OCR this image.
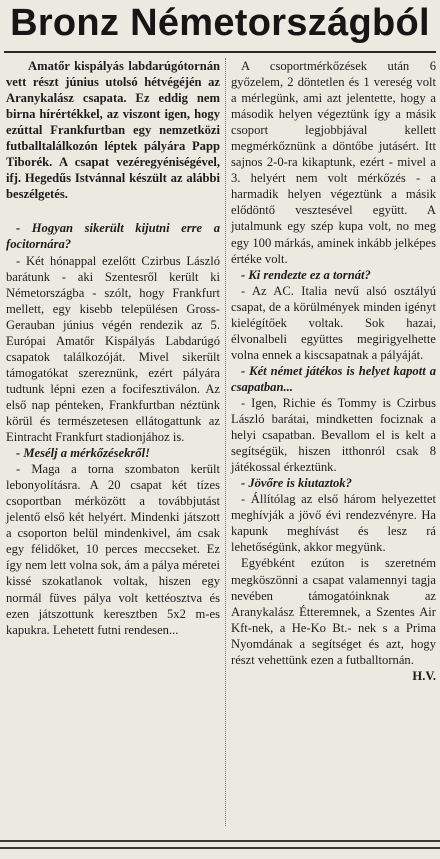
Bronz Németországból

Amatőr kispályás labdarúgótornán vett részt június utolsó hétvégéjén az Aranykalász csapata. Ez eddig nem birna hírértékkel, az viszont igen, hogy ezúttal Frankfurtban egy nemzetközi futballtalálkozón léptek pályára Papp Tiborék. A csapat vezéregyéniségével, ifj. Hegedűs Istvánnal készült az alábbi beszélgetés.

- Hogyan sikerült kijutni erre a focitornára?

- Két hónappal ezelőtt Czirbus László barátunk - aki Szentesről került ki Németországba - szólt, hogy Frankfurt mellett, egy kisebb településen Gross-Gerauban június végén rendezik az 5. Európai Amatőr Kispályás Labdarúgó csapatok találkozóját. Mivel sikerült támogatókat szereznünk, ezért pályára tudtunk lépni ezen a focifesztiválon. Az első nap pénteken, Frankfurtban néztünk körül és természetesen ellátogattunk az Eintracht Frankfurt stadionjához is.

- Mesélj a mérkőzésekről!

- Maga a torna szombaton került lebonyolításra. A 20 csapat két tízes csoportban mérközött a továbbjutást jelentő első két helyért. Mindenki játszott a csoporton belül mindenkivel, ám csak egy félidőket, 10 perces meccseket. Ez így nem lett volna sok, ám a pálya méretei kissé szokatlanok voltak, hiszen egy normál füves pálya volt kettéosztva és ezen játszottunk keresztben 5x2 m-es kapukra. Lehetett futni rendesen...

A csoportmérkőzések után 6 győzelem, 2 döntetlen és 1 vereség volt a mérlegünk, ami azt jelentette, hogy a második helyen végeztünk így a másik csoport legjobbjával kellett megmérkőznünk a döntőbe jutásért. Itt sajnos 2-0-ra kikaptunk, ezért - mivel a 3. helyért nem volt mérkőzés - a harmadik helyen végeztünk a másik elődöntő vesztesével együtt. A jutalmunk egy szép kupa volt, no meg egy 100 márkás, aminek inkább jelképes értéke volt.

- Ki rendezte ez a tornát?

- Az AC. Italia nevű alsó osztályú csapat, de a körülmények minden igényt kielégítőek voltak. Sok hazai, élvonalbeli együttes megirigyelhette volna ennek a kiscsapatnak a pályáját.

- Két német játékos is helyet kapott a csapatban...

- Igen, Richie és Tommy is Czirbus László barátai, mindketten fociznak a helyi csapatban. Bevallom el is kelt a segítségük, hiszen itthonról csak 8 játékossal érkeztünk.

- Jövőre is kiutaztok?

- Állítólag az első három helyezettet meghívják a jövő évi rendezvényre. Ha kapunk meghívást és lesz rá lehetőségünk, akkor megyünk.

Egyébként ezúton is szeretném megköszönni a csapat valamennyi tagja nevében támogatóinknak az Aranykalász Étteremnek, a Szentes Air Kft-nek, a He-Ko Bt.- nek s a Prima Nyomdának a segítséget és azt, hogy részt vehettünk ezen a futballtornán.
H.V.
